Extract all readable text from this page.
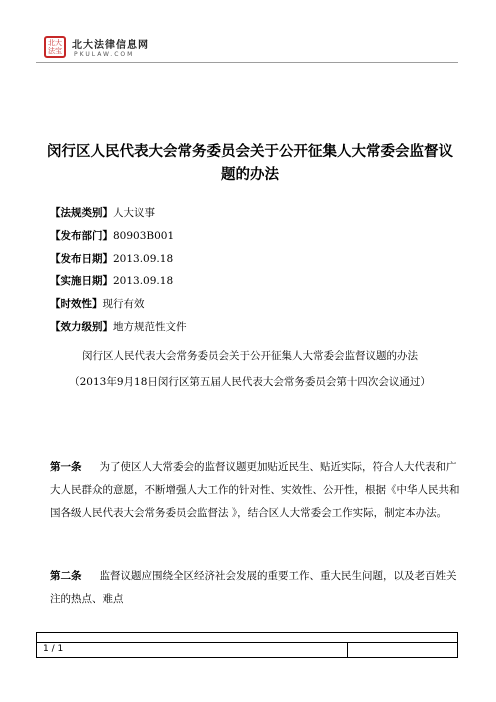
北大
法宝 北大法律信息网
PKULAW.COM
闵行区人民代表大会常务委员会关于公开征集人大常委会监督议题的办法
【法规类别】人大议事
【发布部门】80903B001
【发布日期】2013.09.18
【实施日期】2013.09.18
【时效性】现行有效
【效力级别】地方规范性文件
闵行区人民代表大会常务委员会关于公开征集人大常委会监督议题的办法
（2013年9月18日闵行区第五届人民代表大会常务委员会第十四次会议通过）
第一条 为了使区人大常委会的监督议题更加贴近民生、贴近实际，符合人大代表和广大人民群众的意愿，不断增强人大工作的针对性、实效性、公开性，根据《中华人民共和国各级人民代表大会常务委员会监督法 》，结合区人大常委会工作实际，制定本办法。
第二条 监督议题应围绕全区经济社会发展的重要工作、重大民生问题，以及老百姓关注的热点、难点
1 / 1
